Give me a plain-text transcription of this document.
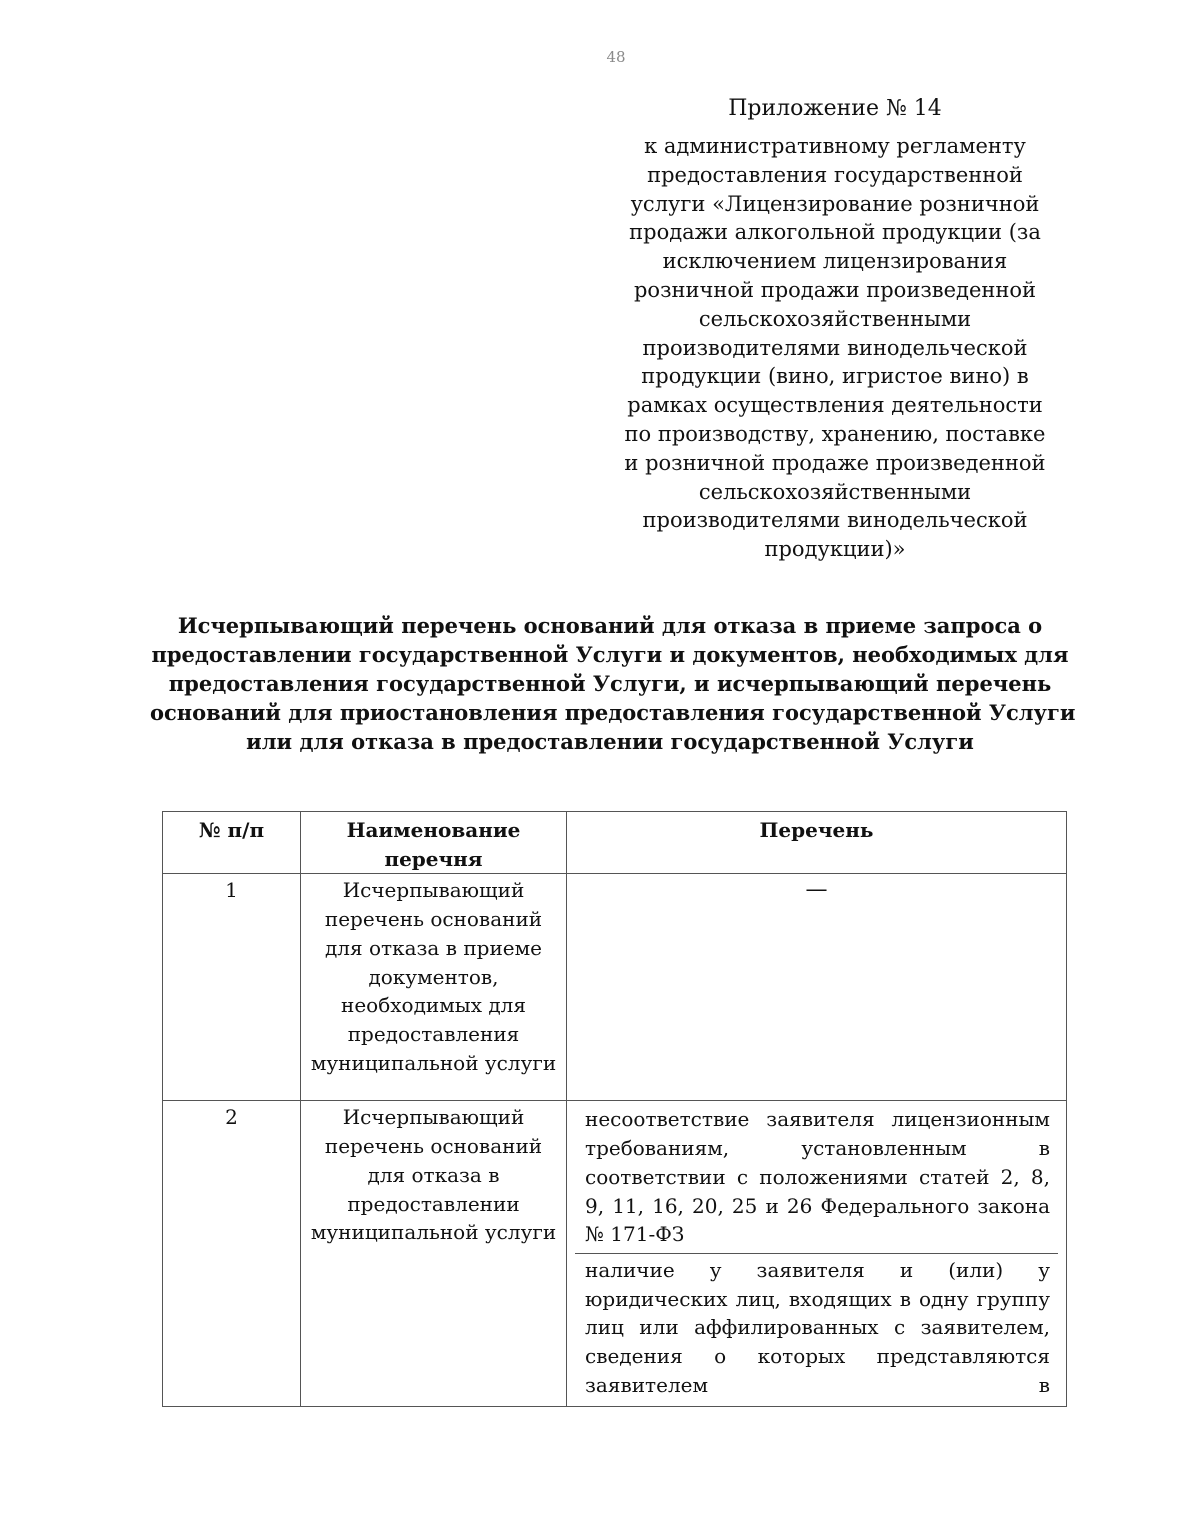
48
Приложение № 14
к административному регламенту
предоставления государственной
услуги «Лицензирование розничной
продажи алкогольной продукции (за
исключением лицензирования
розничной продажи произведенной
сельскохозяйственными
производителями винодельческой
продукции (вино, игристое вино) в
рамках осуществления деятельности
по производству, хранению, поставке
и розничной продаже произведенной
сельскохозяйственными
производителями винодельческой
продукции)»
Исчерпывающий перечень оснований для отказа в приеме запроса о
предоставлении государственной Услуги и документов, необходимых для
предоставления государственной Услуги, и исчерпывающий перечень
оснований для приостановления предоставления государственной Услуги
или для отказа в предоставлении государственной Услуги
№ п/п	Наименование перечня	Перечень
1	Исчерпывающий перечень оснований для отказа в приеме документов, необходимых для предоставления муниципальной услуги	—
2	Исчерпывающий перечень оснований для отказа в предоставлении муниципальной услуги	несоответствие заявителя лицензионным требованиям, установленным в соответствии с положениями статей 2, 8, 9, 11, 16, 20, 25 и 26 Федерального закона № 171-ФЗ
наличие у заявителя и (или) у юридических лиц, входящих в одну группу лиц или аффилированных с заявителем, сведения о которых представляются заявителем в
